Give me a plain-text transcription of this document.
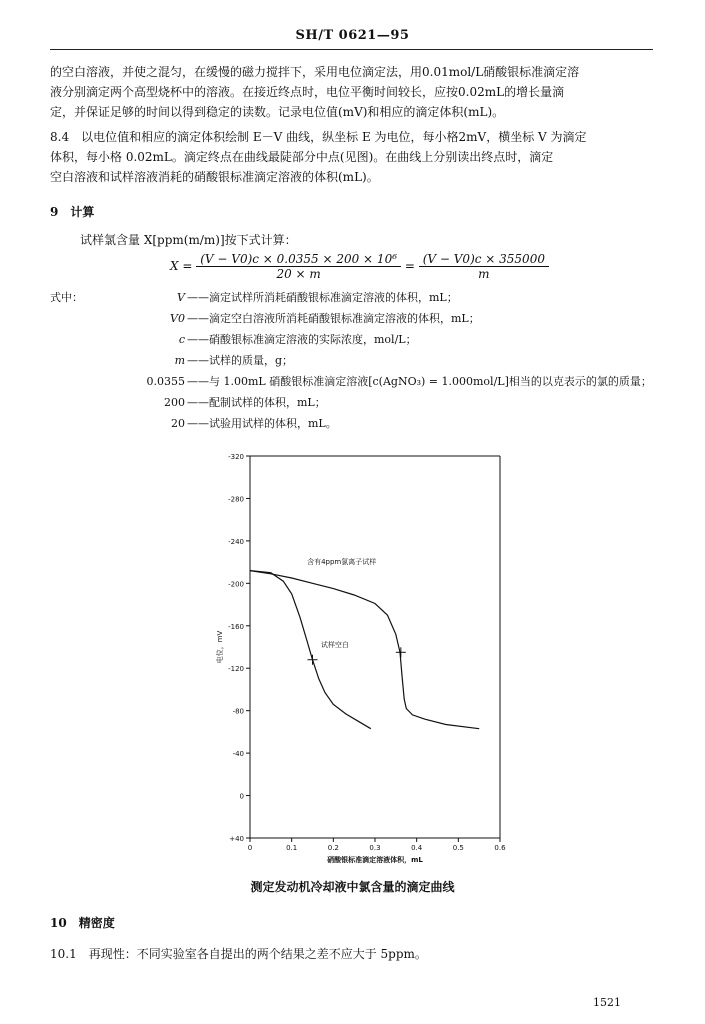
SH/T 0621—95

的空白溶液，并使之混匀，在缓慢的磁力搅拌下，采用电位滴定法，用0.01mol/L硝酸银标准滴定溶

液分别滴定两个高型烧杯中的溶液。在接近终点时，电位平衡时间较长，应按0.02mL的增长量滴

定，并保证足够的时间以得到稳定的读数。记录电位值(mV)和相应的滴定体积(mL)。

8.4　以电位值和相应的滴定体积绘制 E－V 曲线，纵坐标 E 为电位，每小格2mV，横坐标 V 为滴定

体积，每小格 0.02mL。滴定终点在曲线最陡部分中点(见图)。在曲线上分别读出终点时，滴定

空白溶液和试样溶液消耗的硝酸银标准滴定溶液的体积(mL)。

9　计算
试样氯含量 X[ppm(m/m)]按下式计算：
$X = \frac{\text{(V − V0)c × 0.0355 × 200 × 10⁶}}{20 \times m} = \frac{(V - V0)c \times 355000}{m}$
式中：	V ——滴定试样所消耗硝酸银标准滴定溶液的体积，mL；
V0 ——滴定空白溶液所消耗硝酸银标准滴定溶液的体积，mL；
c ——硝酸银标准滴定溶液的实际浓度，mol/L；
m ——试样的质量，g；
0.0355 ——与 1.00mL 硝酸银标准滴定溶液[c(AgNO₃) = 1.000mol/L]相当的以克表示的氯的质量；
200 ——配制试样的体积，mL；
20 ——试验用试样的体积，mL。
-320
-280
-240
-200
-160
-120
-80
-40
0
+40
0	0.1	0.2	0.3	0.4	0.5	0.6
硝酸银标准滴定溶液体积，mL
电位，mV	试样空白
含有4ppm氯离子试样
测定发动机冷却液中氯含量的滴定曲线
10　精密度
10.1　再现性：不同实验室各自提出的两个结果之差不应大于 5ppm。
1521
